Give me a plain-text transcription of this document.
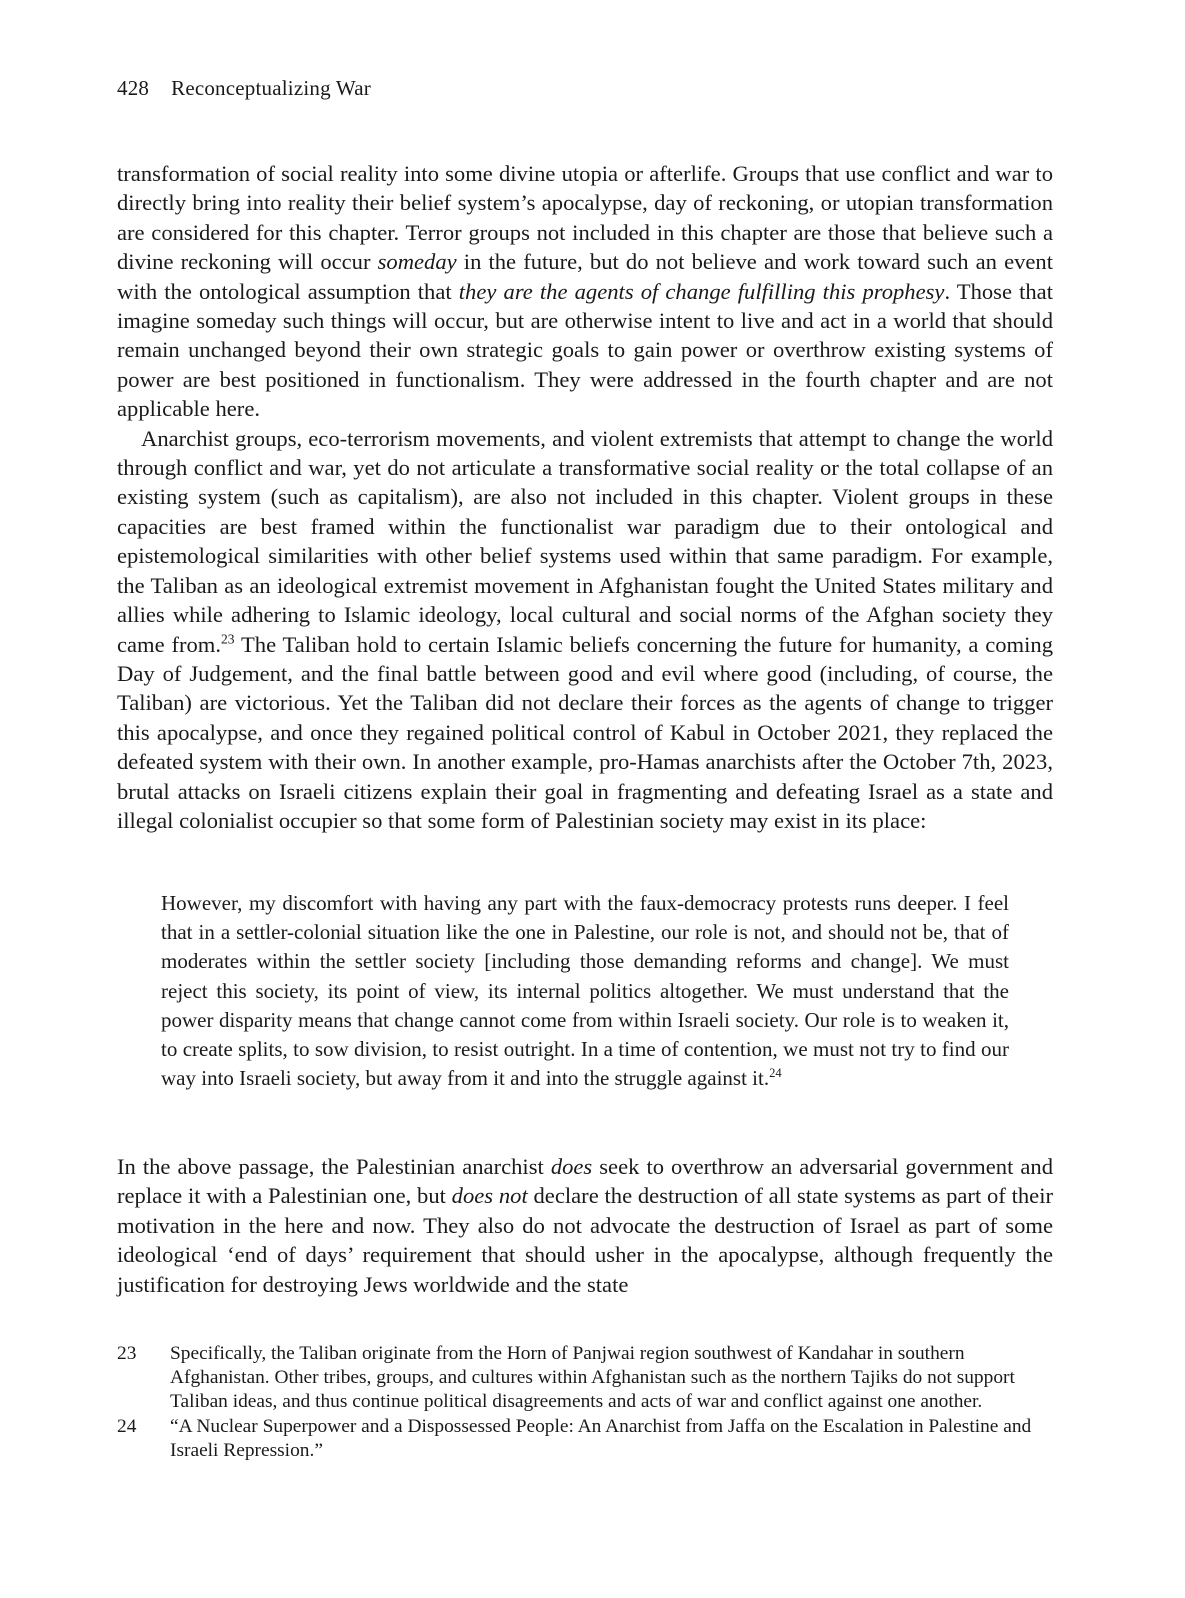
428 Reconceptualizing War

transformation of social reality into some divine utopia or afterlife. Groups that use conflict and war to directly bring into reality their belief system’s apocalypse, day of reckoning, or utopian transformation are considered for this chapter. Terror groups not included in this chapter are those that believe such a divine reckoning will occur someday in the future, but do not believe and work toward such an event with the ontological assumption that they are the agents of change fulfilling this prophesy. Those that imagine someday such things will occur, but are otherwise intent to live and act in a world that should remain unchanged beyond their own strategic goals to gain power or overthrow existing systems of power are best positioned in functionalism. They were addressed in the fourth chapter and are not applicable here.

Anarchist groups, eco-terrorism movements, and violent extremists that attempt to change the world through conflict and war, yet do not articulate a transformative social reality or the total collapse of an existing system (such as capitalism), are also not included in this chapter. Violent groups in these capacities are best framed within the functionalist war paradigm due to their ontological and epistemological similarities with other belief systems used within that same paradigm. For example, the Taliban as an ideological extremist movement in Afghanistan fought the United States military and allies while adhering to Islamic ideology, local cultural and social norms of the Afghan society they came from.$^{23}$ The Taliban hold to certain Islamic beliefs concerning the future for humanity, a coming Day of Judgement, and the final battle between good and evil where good (including, of course, the Taliban) are victorious. Yet the Taliban did not declare their forces as the agents of change to trigger this apocalypse, and once they regained political control of Kabul in October 2021, they replaced the defeated system with their own. In another example, pro-Hamas anarchists after the October 7th, 2023, brutal attacks on Israeli citizens explain their goal in fragmenting and defeating Israel as a state and illegal colonialist occupier so that some form of Palestinian society may exist in its place:

However, my discomfort with having any part with the faux-democracy protests runs deeper. I feel that in a settler-colonial situation like the one in Palestine, our role is not, and should not be, that of moderates within the settler society [including those demanding reforms and change]. We must reject this society, its point of view, its internal politics altogether. We must understand that the power disparity means that change cannot come from within Israeli society. Our role is to weaken it, to create splits, to sow division, to resist outright. In a time of contention, we must not try to find our way into Israeli society, but away from it and into the struggle against it.$^{24}$
In the above passage, the Palestinian anarchist does seek to overthrow an adversarial government and replace it with a Palestinian one, but does not declare the destruction of all state systems as part of their motivation in the here and now. They also do not advocate the destruction of Israel as part of some ideological ‘end of days’ requirement that should usher in the apocalypse, although frequently the justification for destroying Jews worldwide and the state
23	Specifically, the Taliban originate from the Horn of Panjwai region southwest of Kandahar in southern Afghanistan. Other tribes, groups, and cultures within Afghanistan such as the northern Tajiks do not support Taliban ideas, and thus continue political disagreements and acts of war and conflict against one another.
24	“A Nuclear Superpower and a Dispossessed People: An Anarchist from Jaffa on the Escalation in Palestine and Israeli Repression.”
